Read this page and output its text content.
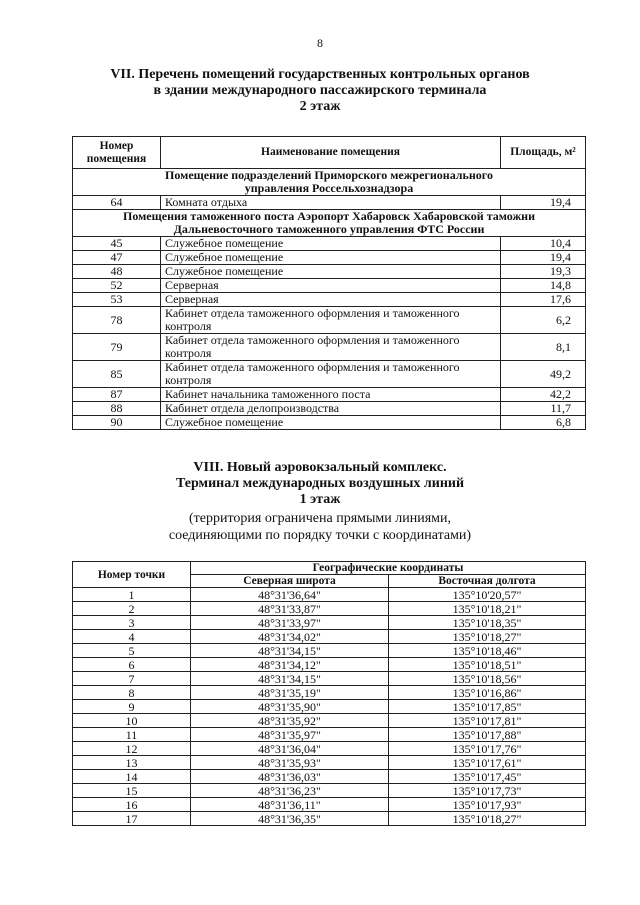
8
VII. Перечень помещений государственных контрольных органов
в здании международного пассажирского терминала
2 этаж
Номер
помещения	Наименование помещения	Площадь, м²

Помещение подразделений Приморского межрегионального
управления Россельхознадзора		

64	Комната отдыха	19,4

Помещения таможенного поста Аэропорт Хабаровск Хабаровской таможни
Дальневосточного таможенного управления ФТС России		

45	Служебное помещение	10,4
47	Служебное помещение	19,4
48	Служебное помещение	19,3
52	Серверная	14,8
53	Серверная	17,6
78	Кабинет отдела таможенного оформления и таможенного
контроля	6,2
79	Кабинет отдела таможенного оформления и таможенного
контроля	8,1
85	Кабинет отдела таможенного оформления и таможенного
контроля	49,2
87	Кабинет начальника таможенного поста	42,2
88	Кабинет отдела делопроизводства	11,7
90	Служебное помещение	6,8
VIII. Новый аэровокзальный комплекс.
Терминал международных воздушных линий
1 этаж
(территория ограничена прямыми линиями,
соединяющими по порядку точки с координатами)
Номер точки	Географические координаты	
	Северная широта	Восточная долгота
1	48°31'36,64"	135°10'20,57"
2	48°31'33,87"	135°10'18,21"
3	48°31'33,97"	135°10'18,35"
4	48°31'34,02"	135°10'18,27"
5	48°31'34,15"	135°10'18,46"
6	48°31'34,12"	135°10'18,51"
7	48°31'34,15"	135°10'18,56"
8	48°31'35,19"	135°10'16,86"
9	48°31'35,90"	135°10'17,85"
10	48°31'35,92"	135°10'17,81"
11	48°31'35,97"	135°10'17,88"
12	48°31'36,04"	135°10'17,76"
13	48°31'35,93"	135°10'17,61"
14	48°31'36,03"	135°10'17,45"
15	48°31'36,23"	135°10'17,73"
16	48°31'36,11"	135°10'17,93"
17	48°31'36,35"	135°10'18,27"
